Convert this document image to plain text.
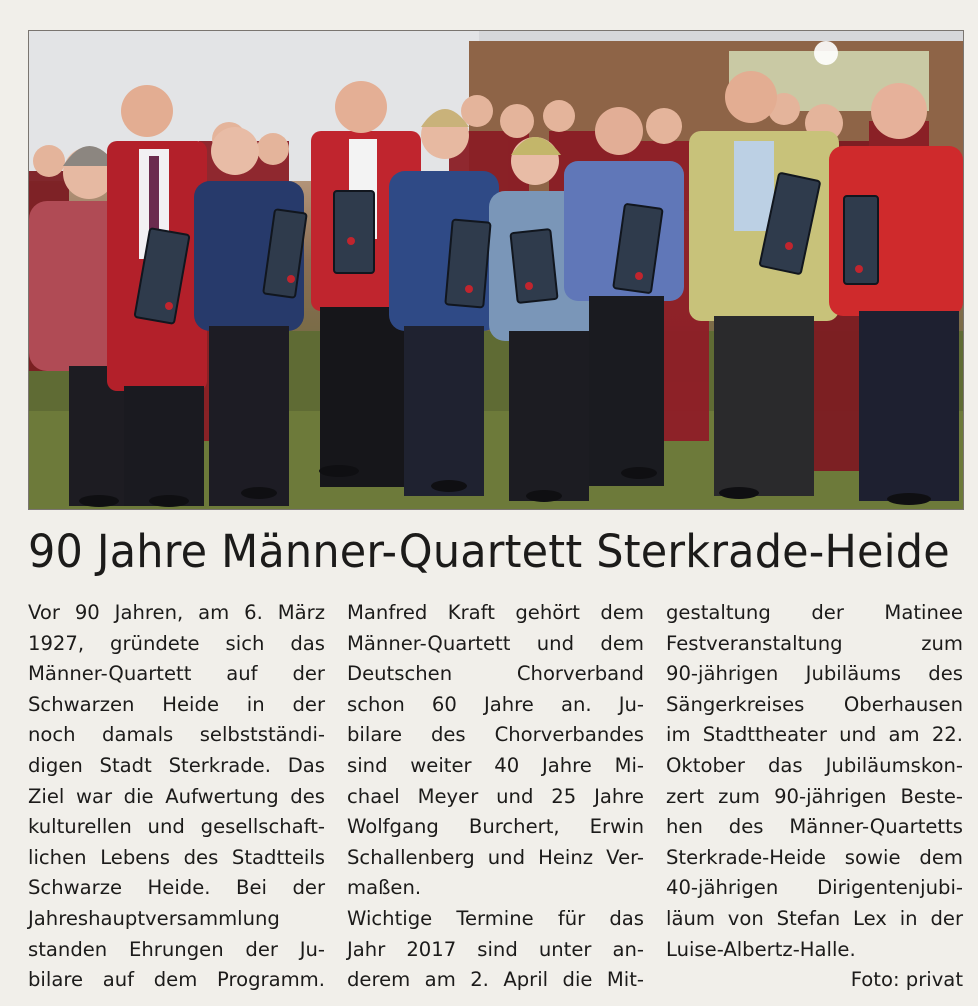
90 Jahre Männer-Quartett Sterkrade-Heide
Vor 90 Jahren, am 6. März
1927, gründete sich das
Männer-Quartett auf der
Schwarzen Heide in der
noch damals selbstständi-
digen Stadt Sterkrade. Das
Ziel war die Aufwertung des
kulturellen und gesellschaft-
lichen Lebens des Stadtteils
Schwarze Heide. Bei der
Jahreshauptversammlung
standen Ehrungen der Ju-
bilare auf dem Programm.
Manfred Kraft gehört dem
Männer-Quartett und dem
Deutschen Chorverband
schon 60 Jahre an. Ju-
bilare des Chorverbandes
sind weiter 40 Jahre Mi-
chael Meyer und 25 Jahre
Wolfgang Burchert, Erwin
Schallenberg und Heinz Ver-
maßen.
Wichtige Termine für das
Jahr 2017 sind unter an-
derem am 2. April die Mit-
gestaltung der Matinee
Festveranstaltung zum
90-jährigen Jubiläums des
Sängerkreises Oberhausen
im Stadttheater und am 22.
Oktober das Jubiläumskon-
zert zum 90-jährigen Beste-
hen des Männer-Quartetts
Sterkrade-Heide sowie dem
40-jährigen Dirigentenjubi-
läum von Stefan Lex in der
Luise-Albertz-Halle.
Foto: privat
